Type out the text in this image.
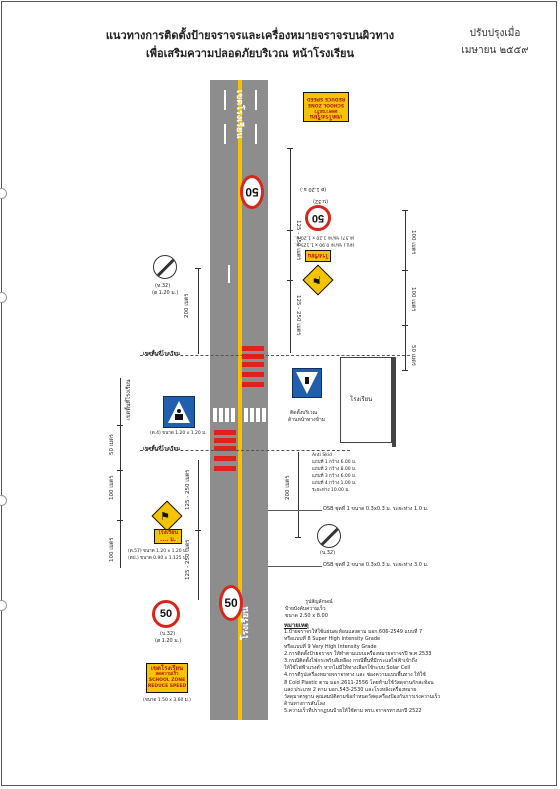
แนวทางการติดตั้งป้ายจราจรและเครื่องหมายจราจรบนผิวทาง
เพื่อเสริมความปลอดภัยบริเวณ หน้าโรงเรียน
ปรับปรุงเมื่อ
เมษายน ๒๕๕๙
เขตโรงเรียน
50
50
โรงเรียน
(ท.32)
(ø 1.20 ม.)
200 เมตร
เขตพื้นที่โรงเรียน
(ต.4) ขนาด 1.20 x 1.20 ม.
เขตพื้นที่โรงเรียน
เขตพื้นที่โรงเรียน
50 เมตร
100 เมตร
100 เมตร
125 - 250 เมตร
125 - 250 เมตร
⚑
โรงเรียน
.... ม.
(ต.57) ขนาด 1.20 x 1.20 ม.
(ตป.) ขนาด 0.90 x 1.125 ม.
50
(บ.32)
(ø 1.20 ม.)
เขตโรงเรียน
ลดความเร็ว
SCHOOL ZONE
REDUCE SPEED
(ขนาด 1.50 x 3.60 ม.)
เขตโรงเรียน
ลดความเร็ว
SCHOOL ZONE
REDUCE SPEED
(ø 1.20 ม.)
(บ.32)
50
(ต.57) ขนาด 1.20 x 1.20 ม.
(ตป.) ขนาด 0.90 x 1.125 ม.
โรงเรียน
⚑
125 - 250 เมตร
125 - 250 เมตร
100 เมตร
100 เมตร
50 เมตร
โรงเรียน
ติดตั้งบริเวณ
ด้านหน้าทางข้าม
200 เมตร
Anti Skid
แถบที่ 1 กว้าง 6.00 ม.
แถบที่ 2 กว้าง 8.00 ม.
แถบที่ 3 กว้าง 6.00 ม.
แถบที่ 4 กว้าง 1.00 ม.
ระยะห่าง 10.00 ม.
OSB ชุดที่ 1 ขนาด 0.3x0.3 ม. ระยะห่าง 1.0 ม.
OSB ชุดที่ 2 ขนาด 0.3x0.3 ม. ระยะห่าง 3.0 ม.
(บ.32)
รูปสัญลักษณ์
ป้ายบังคับความเร็ว
ขนาด 2.50 x 8.00
หมายเหตุ
1.ป้ายจราจรให้ใช้แผ่นสะท้อนแสงตาม มอก.606-2549 แบบที่ 7
หรือแบบที่ 8 Super High Intensity Grade
หรือแบบที่ 9 Very High Intensity Grade
2.การติดตั้งป้ายจราจร ให้ทำตามแบบเครื่องหมายจราจรปี พ.ศ.2533
3.กรณีติดตั้งไฟกระพริบสีเหลือง กรณีพื้นที่มีกระแสไฟฟ้าเข้าถึง
ให้ใช้ไฟฟ้าแรงต่ำ หากไม่มีให้ทางเลือกใช้ระบบ Solar Cell
4.การตีรูปเครื่องหมายจราจรทาง และ ช่องความแบบพื้นทาง ให้ใช้
สี Cold Plastic ตาม มอก.2611-2556 โดยห้ามใช้วัสดุจานกักสะท้อน
แสง ประเภท 2 ตาม มอก.543-2530 และโรงหลังเครื่องหมาย
วัสดุมาตรฐาน คุณสมบัติตามข้อกำหนดวัสดุเครื่องป้องกันการเร่งความเร็ว
ด้านทางการสันโลง
5.ความเร็วที่ปรากฏบนป้ายให้ใช้ตาม พรบ.จราจรทางบกปี 2522
